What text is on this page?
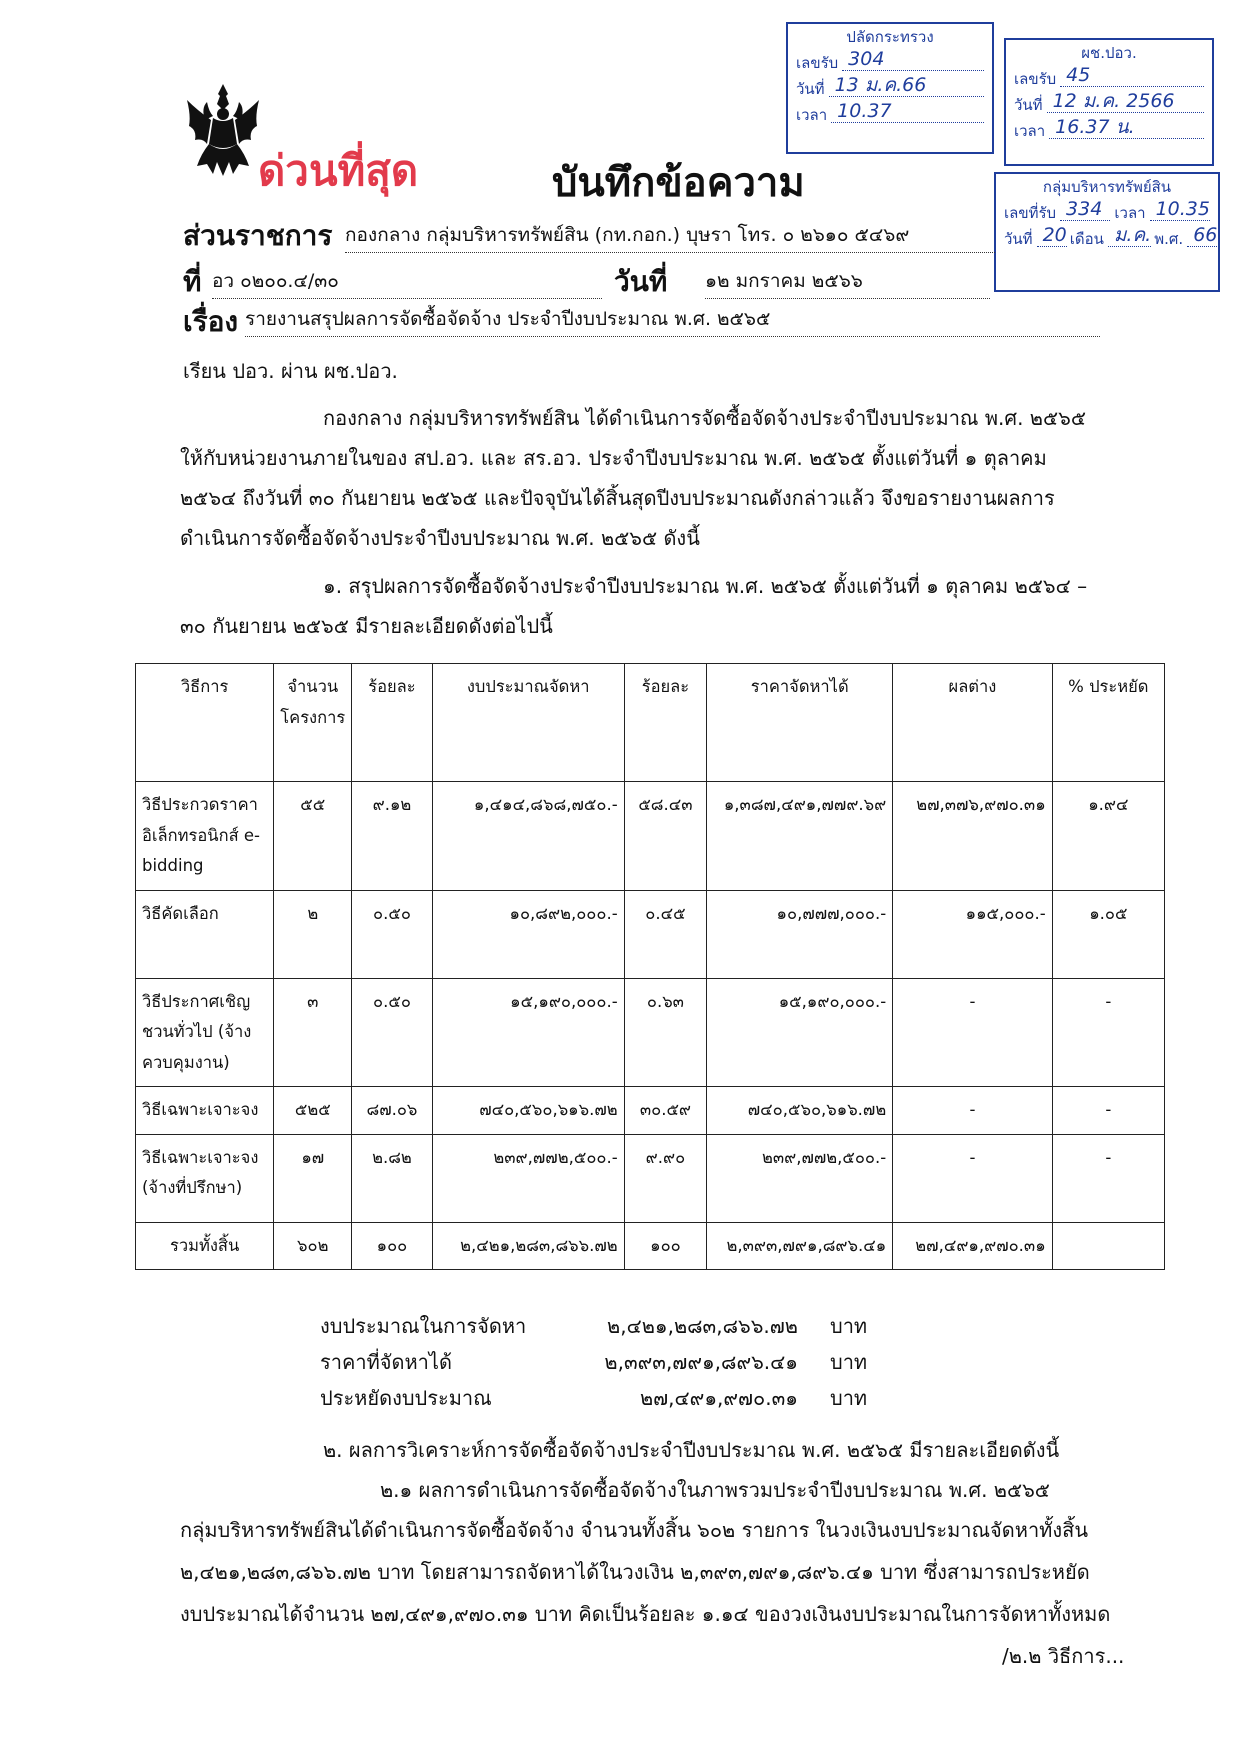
ด่วนที่สุด	บันทึกข้อความ
ปลัดกระทรวง
เลขรับ 304
วันที่ 13 ม.ค.66
เวลา 10.37
ผช.ปอว.
เลขรับ 45
วันที่ 12 ม.ค. 2566
เวลา 16.37 น.
กลุ่มบริหารทรัพย์สิน
เลขที่รับ 334 เวลา 10.35
วันที่ 20 เดือน ม.ค. พ.ศ. 66
ส่วนราชการ กองกลาง กลุ่มบริหารทรัพย์สิน (กท.กอก.) บุษรา โทร. ๐ ๒๖๑๐ ๕๔๖๙
ที่ อว ๐๒๐๐.๔/๓๐	วันที่ ๑๒ มกราคม ๒๕๖๖
เรื่อง รายงานสรุปผลการจัดซื้อจัดจ้าง ประจำปีงบประมาณ พ.ศ. ๒๕๖๕
เรียน ปอว. ผ่าน ผช.ปอว.
กองกลาง กลุ่มบริหารทรัพย์สิน ได้ดำเนินการจัดซื้อจัดจ้างประจำปีงบประมาณ พ.ศ. ๒๕๖๕
ให้กับหน่วยงานภายในของ สป.อว. และ สร.อว. ประจำปีงบประมาณ พ.ศ. ๒๕๖๕ ตั้งแต่วันที่ ๑ ตุลาคม
๒๕๖๔ ถึงวันที่ ๓๐ กันยายน ๒๕๖๕ และปัจจุบันได้สิ้นสุดปีงบประมาณดังกล่าวแล้ว จึงขอรายงานผลการ
ดำเนินการจัดซื้อจัดจ้างประจำปีงบประมาณ พ.ศ. ๒๕๖๕ ดังนี้
๑. สรุปผลการจัดซื้อจัดจ้างประจำปีงบประมาณ พ.ศ. ๒๕๖๕ ตั้งแต่วันที่ ๑ ตุลาคม ๒๕๖๔ –
๓๐ กันยายน ๒๕๖๕ มีรายละเอียดดังต่อไปนี้
วิธีการ	จำนวนโครงการ	ร้อยละ	งบประมาณจัดหา	ร้อยละ	ราคาจัดหาได้	ผลต่าง	% ประหยัด
วิธีประกวดราคาอิเล็กทรอนิกส์ e-bidding	๕๕	๙.๑๒	๑,๔๑๔,๘๖๘,๗๕๐.-	๕๘.๔๓	๑,๓๘๗,๔๙๑,๗๗๙.๖๙	๒๗,๓๗๖,๙๗๐.๓๑	๑.๙๔
วิธีคัดเลือก	๒	๐.๕๐	๑๐,๘๙๒,๐๐๐.-	๐.๔๕	๑๐,๗๗๗,๐๐๐.-	๑๑๕,๐๐๐.-	๑.๐๕
วิธีประกาศเชิญชวนทั่วไป (จ้างควบคุมงาน)	๓	๐.๕๐	๑๕,๑๙๐,๐๐๐.-	๐.๖๓	๑๕,๑๙๐,๐๐๐.-	-	-
วิธีเฉพาะเจาะจง	๕๒๕	๘๗.๐๖	๗๔๐,๕๖๐,๖๑๖.๗๒	๓๐.๕๙	๗๔๐,๕๖๐,๖๑๖.๗๒	-	-
วิธีเฉพาะเจาะจง (จ้างที่ปรึกษา)	๑๗	๒.๘๒	๒๓๙,๗๗๒,๕๐๐.-	๙.๙๐	๒๓๙,๗๗๒,๕๐๐.-	-	-
รวมทั้งสิ้น	๖๐๒	๑๐๐	๒,๔๒๑,๒๘๓,๘๖๖.๗๒	๑๐๐	๒,๓๙๓,๗๙๑,๘๙๖.๔๑	๒๗,๔๙๑,๙๗๐.๓๑	
งบประมาณในการจัดหา	๒,๔๒๑,๒๘๓,๘๖๖.๗๒ บาท
ราคาที่จัดหาได้	๒,๓๙๓,๗๙๑,๘๙๖.๔๑ บาท
ประหยัดงบประมาณ	๒๗,๔๙๑,๙๗๐.๓๑ บาท
๒. ผลการวิเคราะห์การจัดซื้อจัดจ้างประจำปีงบประมาณ พ.ศ. ๒๕๖๕ มีรายละเอียดดังนี้
๒.๑ ผลการดำเนินการจัดซื้อจัดจ้างในภาพรวมประจำปีงบประมาณ พ.ศ. ๒๕๖๕
กลุ่มบริหารทรัพย์สินได้ดำเนินการจัดซื้อจัดจ้าง จำนวนทั้งสิ้น ๖๐๒ รายการ ในวงเงินงบประมาณจัดหาทั้งสิ้น
๒,๔๒๑,๒๘๓,๘๖๖.๗๒ บาท โดยสามารถจัดหาได้ในวงเงิน ๒,๓๙๓,๗๙๑,๘๙๖.๔๑ บาท ซึ่งสามารถประหยัด
งบประมาณได้จำนวน ๒๗,๔๙๑,๙๗๐.๓๑ บาท คิดเป็นร้อยละ ๑.๑๔ ของวงเงินงบประมาณในการจัดหาทั้งหมด
/๒.๒ วิธีการ...
